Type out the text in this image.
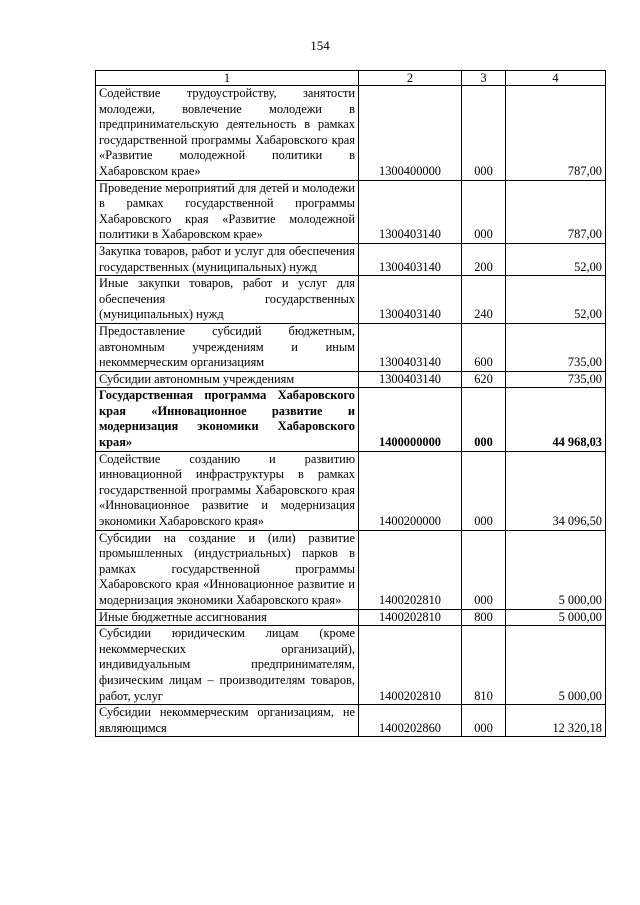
154
1	2	3	4
Содействие трудоустройству, занятости молодежи, вовлечение молодежи в предпринимательскую деятельность в рамках государственной программы Хабаровского края «Развитие молодежной политики в Хабаровском крае»	1300400000	000	787,00
Проведение мероприятий для детей и молодежи в рамках государственной программы Хабаровского края «Развитие молодежной политики в Хабаровском крае»	1300403140	000	787,00
Закупка товаров, работ и услуг для обеспечения государственных (муниципальных) нужд	1300403140	200	52,00
Иные закупки товаров, работ и услуг для обеспечения государственных (муниципальных) нужд	1300403140	240	52,00
Предоставление субсидий бюджетным, автономным учреждениям и иным некоммерческим организациям	1300403140	600	735,00
Субсидии автономным учреждениям	1300403140	620	735,00
Государственная программа Хабаровского края «Инновационное развитие и модернизация экономики Хабаровского края»	1400000000	000	44 968,03
Содействие созданию и развитию инновационной инфраструктуры в рамках государственной программы Хабаровского края «Инновационное развитие и модернизация экономики Хабаровского края»	1400200000	000	34 096,50
Субсидии на создание и (или) развитие промышленных (индустриальных) парков в рамках государственной программы Хабаровского края «Инновационное развитие и модернизация экономики Хабаровского края»	1400202810	000	5 000,00
Иные бюджетные ассигнования	1400202810	800	5 000,00
Субсидии юридическим лицам (кроме некоммерческих организаций), индивидуальным предпринимателям, физическим лицам – производителям товаров, работ, услуг	1400202810	810	5 000,00
Субсидии некоммерческим организациям, не являющимся	1400202860	000	12 320,18
